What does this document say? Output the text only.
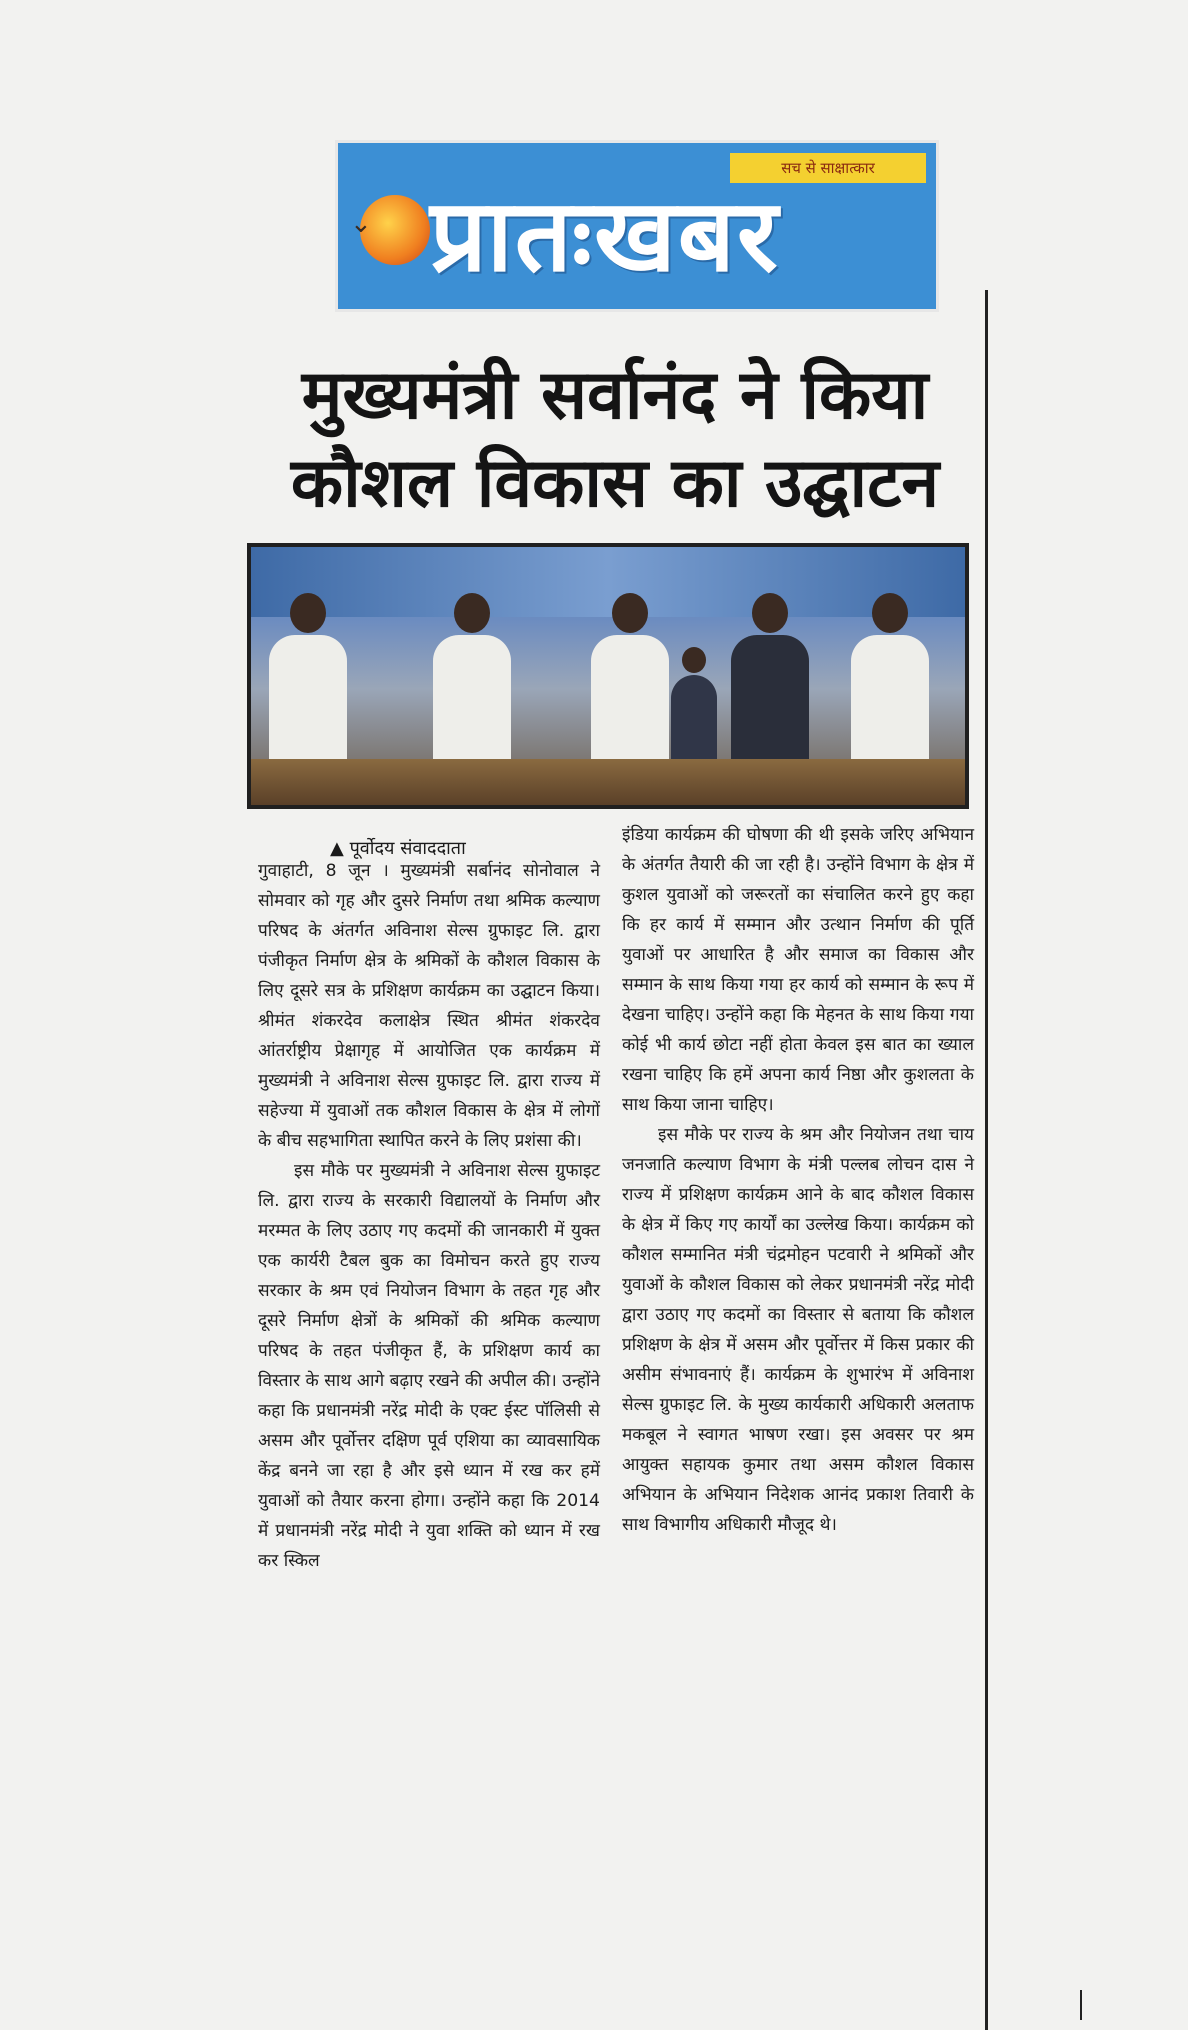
सच से साक्षात्कार
⌄ प्रातःखबर
मुख्यमंत्री सर्वानंद ने किया
कौशल विकास का उद्घाटन
▲ पूर्वोदय संवाददाता

गुवाहाटी, 8 जून । मुख्यमंत्री सर्बानंद सोनोवाल ने सोमवार को गृह और दुसरे निर्माण तथा श्रमिक कल्याण परिषद के अंतर्गत अविनाश सेल्स ग्रुफाइट लि. द्वारा पंजीकृत निर्माण क्षेत्र के श्रमिकों के कौशल विकास के लिए दूसरे सत्र के प्रशिक्षण कार्यक्रम का उद्घाटन किया। श्रीमंत शंकरदेव कलाक्षेत्र स्थित श्रीमंत शंकरदेव आंतर्राष्ट्रीय प्रेक्षागृह में आयोजित एक कार्यक्रम में मुख्यमंत्री ने अविनाश सेल्स ग्रुफाइट लि. द्वारा राज्य में सहेज्या में युवाओं तक कौशल विकास के क्षेत्र में लोगों के बीच सहभागिता स्थापित करने के लिए प्रशंसा की।

इस मौके पर मुख्यमंत्री ने अविनाश सेल्स ग्रुफाइट लि. द्वारा राज्य के सरकारी विद्यालयों के निर्माण और मरम्मत के लिए उठाए गए कदमों की जानकारी में युक्त एक कार्यरी टैबल बुक का विमोचन करते हुए राज्य सरकार के श्रम एवं नियोजन विभाग के तहत गृह और दूसरे निर्माण क्षेत्रों के श्रमिकों की श्रमिक कल्याण परिषद के तहत पंजीकृत हैं, के प्रशिक्षण कार्य का विस्तार के साथ आगे बढ़ाए रखने की अपील की। उन्होंने कहा कि प्रधानमंत्री नरेंद्र मोदी के एक्ट ईस्ट पॉलिसी से असम और पूर्वोत्तर दक्षिण पूर्व एशिया का व्यावसायिक केंद्र बनने जा रहा है और इसे ध्यान में रख कर हमें युवाओं को तैयार करना होगा। उन्होंने कहा कि 2014 में प्रधानमंत्री नरेंद्र मोदी ने युवा शक्ति को ध्यान में रख कर स्किल

इंडिया कार्यक्रम की घोषणा की थी इसके जरिए अभियान के अंतर्गत तैयारी की जा रही है। उन्होंने विभाग के क्षेत्र में कुशल युवाओं को जरूरतों का संचालित करने हुए कहा कि हर कार्य में सम्मान और उत्थान निर्माण की पूर्ति युवाओं पर आधारित है और समाज का विकास और सम्मान के साथ किया गया हर कार्य को सम्मान के रूप में देखना चाहिए। उन्होंने कहा कि मेहनत के साथ किया गया कोई भी कार्य छोटा नहीं होता केवल इस बात का ख्याल रखना चाहिए कि हमें अपना कार्य निष्ठा और कुशलता के साथ किया जाना चाहिए।

इस मौके पर राज्य के श्रम और नियोजन तथा चाय जनजाति कल्याण विभाग के मंत्री पल्लब लोचन दास ने राज्य में प्रशिक्षण कार्यक्रम आने के बाद कौशल विकास के क्षेत्र में किए गए कार्यों का उल्लेख किया। कार्यक्रम को कौशल सम्मानित मंत्री चंद्रमोहन पटवारी ने श्रमिकों और युवाओं के कौशल विकास को लेकर प्रधानमंत्री नरेंद्र मोदी द्वारा उठाए गए कदमों का विस्तार से बताया कि कौशल प्रशिक्षण के क्षेत्र में असम और पूर्वोत्तर में किस प्रकार की असीम संभावनाएं हैं। कार्यक्रम के शुभारंभ में अविनाश सेल्स ग्रुफाइट लि. के मुख्य कार्यकारी अधिकारी अलताफ मकबूल ने स्वागत भाषण रखा। इस अवसर पर श्रम आयुक्त सहायक कुमार तथा असम कौशल विकास अभियान के अभियान निदेशक आनंद प्रकाश तिवारी के साथ विभागीय अधिकारी मौजूद थे।
